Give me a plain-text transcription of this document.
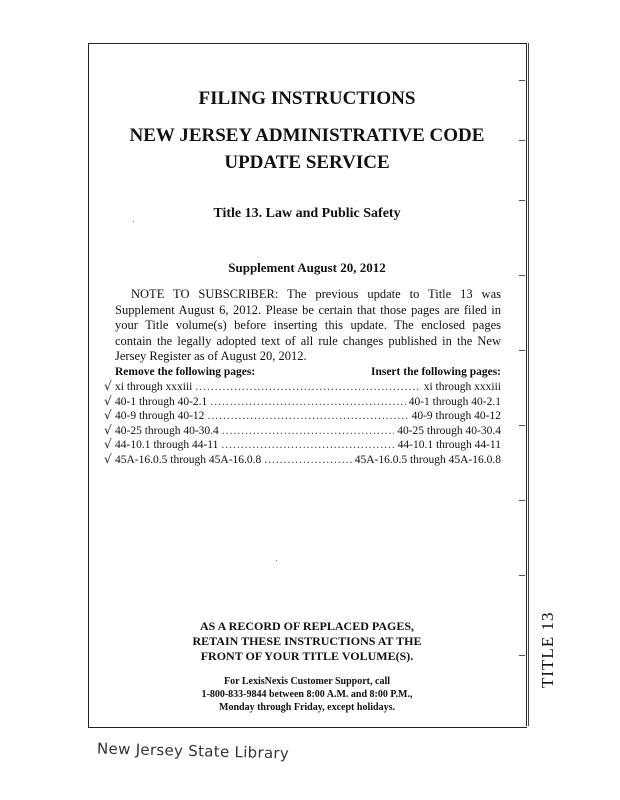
TITLE 13
FILING INSTRUCTIONS
NEW JERSEY ADMINISTRATIVE CODE
UPDATE SERVICE
Title 13. Law and Public Safety
Supplement August 20, 2012
NOTE TO SUBSCRIBER: The previous update to Title 13 was Supplement August 6, 2012. Please be certain that those pages are filed in your Title volume(s) before inserting this update. The enclosed pages contain the legally adopted text of all rule changes published in the New Jersey Register as of August 20, 2012.
Remove the following pages:	Insert the following pages:
√ xi through xxxiii .....	xi through xxxiii
√ 40-1 through 40-2.1 .....	40-1 through 40-2.1
√ 40-9 through 40-12 .....	40-9 through 40-12
√ 40-25 through 40-30.4 .....	40-25 through 40-30.4
√ 44-10.1 through 44-11 .....	44-10.1 through 44-11
√ 45A-16.0.5 through 45A-16.0.8 .....	45A-16.0.5 through 45A-16.0.8
AS A RECORD OF REPLACED PAGES,
RETAIN THESE INSTRUCTIONS AT THE
FRONT OF YOUR TITLE VOLUME(S).
For LexisNexis Customer Support, call
1-800-833-9844 between 8:00 A.M. and 8:00 P.M.,
Monday through Friday, except holidays.
New Jersey State Library
